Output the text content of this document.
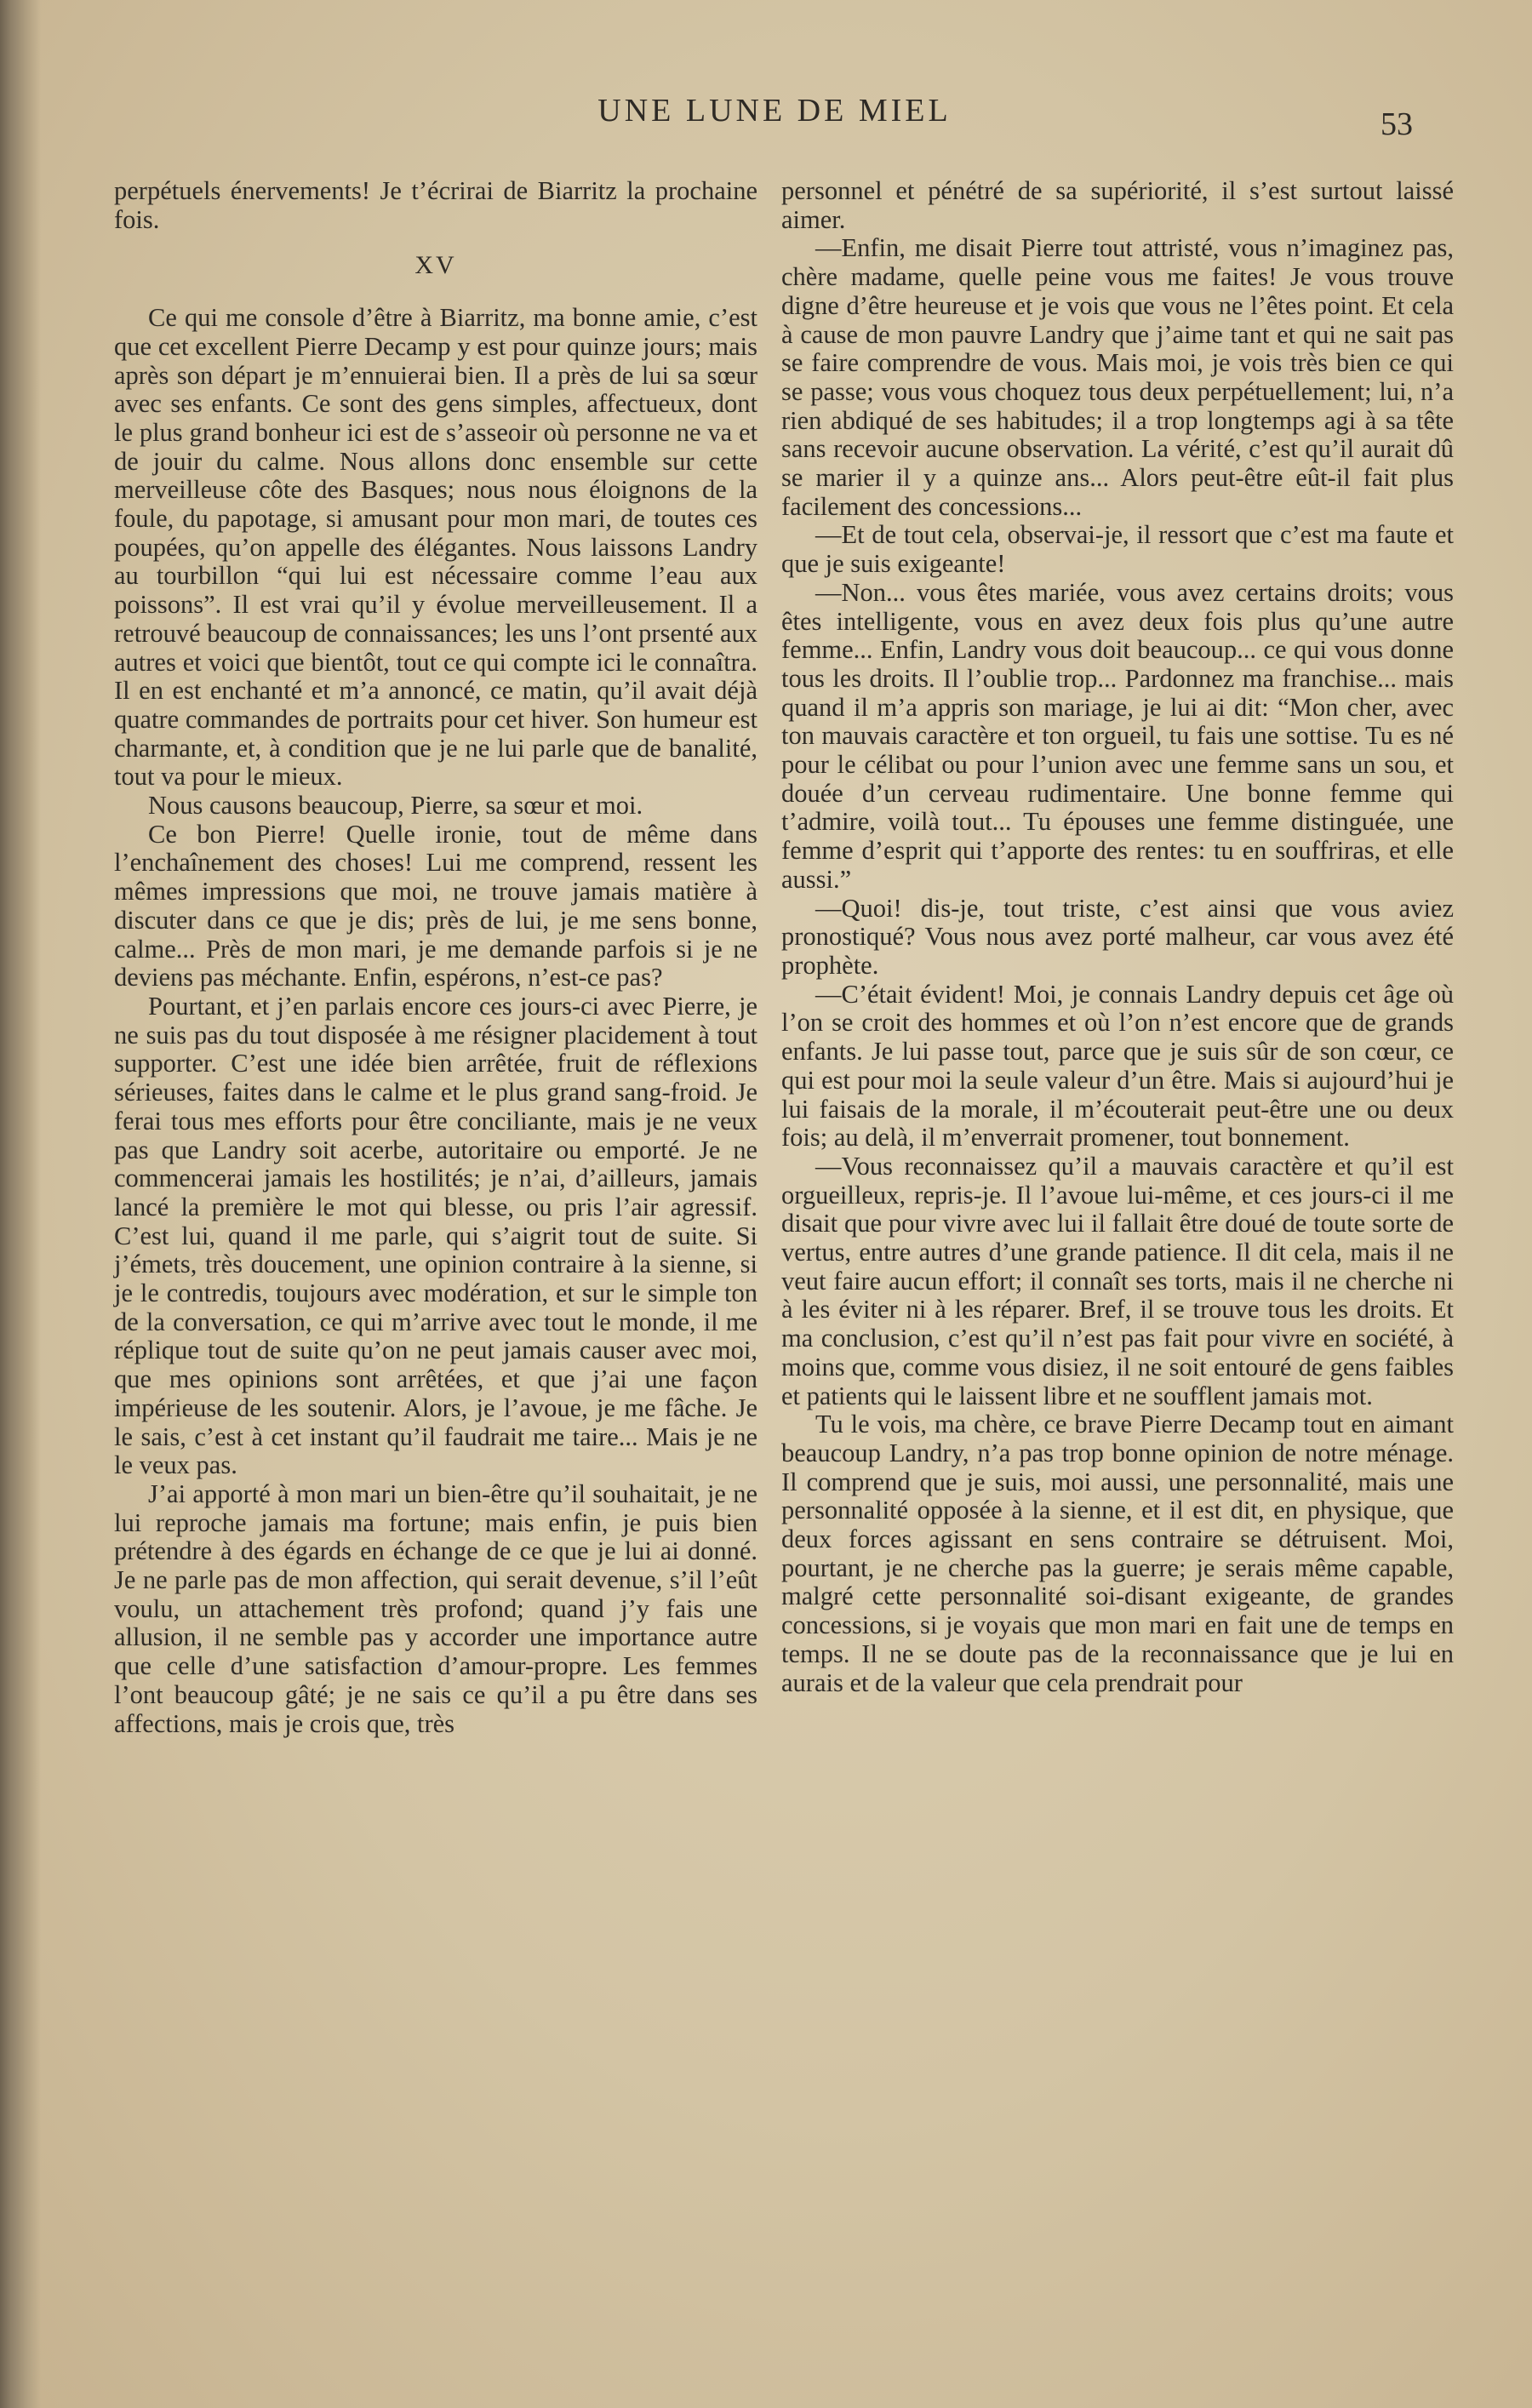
UNE LUNE DE MIEL	53

perpétuels énervements! Je t’écrirai de Biarritz la prochaine fois.

XV

Ce qui me console d’être à Biarritz, ma bonne amie, c’est que cet excellent Pierre Decamp y est pour quinze jours; mais après son départ je m’ennuierai bien. Il a près de lui sa sœur avec ses enfants. Ce sont des gens simples, affectueux, dont le plus grand bonheur ici est de s’asseoir où personne ne va et de jouir du calme. Nous allons donc ensemble sur cette merveilleuse côte des Basques; nous nous éloignons de la foule, du papotage, si amusant pour mon mari, de toutes ces poupées, qu’on appelle des élégantes. Nous laissons Landry au tourbillon “qui lui est nécessaire comme l’eau aux poissons”. Il est vrai qu’il y évolue merveilleusement. Il a retrouvé beaucoup de connaissances; les uns l’ont prsenté aux autres et voici que bientôt, tout ce qui compte ici le connaîtra. Il en est enchanté et m’a annoncé, ce matin, qu’il avait déjà quatre commandes de portraits pour cet hiver. Son humeur est charmante, et, à condition que je ne lui parle que de banalité, tout va pour le mieux.

Nous causons beaucoup, Pierre, sa sœur et moi.

Ce bon Pierre! Quelle ironie, tout de même dans l’enchaînement des choses! Lui me comprend, ressent les mêmes impressions que moi, ne trouve jamais matière à discuter dans ce que je dis; près de lui, je me sens bonne, calme... Près de mon mari, je me demande parfois si je ne deviens pas méchante. Enfin, espérons, n’est-ce pas?

Pourtant, et j’en parlais encore ces jours-ci avec Pierre, je ne suis pas du tout disposée à me résigner placidement à tout supporter. C’est une idée bien arrêtée, fruit de réflexions sérieuses, faites dans le calme et le plus grand sang-froid. Je ferai tous mes efforts pour être conciliante, mais je ne veux pas que Landry soit acerbe, autoritaire ou emporté. Je ne commencerai jamais les hostilités; je n’ai, d’ailleurs, jamais lancé la première le mot qui blesse, ou pris l’air agressif. C’est lui, quand il me parle, qui s’aigrit tout de suite. Si j’émets, très doucement, une opinion contraire à la sienne, si je le contredis, toujours avec modération, et sur le simple ton de la conversation, ce qui m’arrive avec tout le monde, il me réplique tout de suite qu’on ne peut jamais causer avec moi, que mes opinions sont arrêtées, et que j’ai une façon impérieuse de les soutenir. Alors, je l’avoue, je me fâche. Je le sais, c’est à cet instant qu’il faudrait me taire... Mais je ne le veux pas.

J’ai apporté à mon mari un bien-être qu’il souhaitait, je ne lui reproche jamais ma fortune; mais enfin, je puis bien prétendre à des égards en échange de ce que je lui ai donné. Je ne parle pas de mon affection, qui serait devenue, s’il l’eût voulu, un attachement très profond; quand j’y fais une allusion, il ne semble pas y accorder une importance autre que celle d’une satisfaction d’amour-propre. Les femmes l’ont beaucoup gâté; je ne sais ce qu’il a pu être dans ses affections, mais je crois que, très

personnel et pénétré de sa supériorité, il s’est surtout laissé aimer.

—Enfin, me disait Pierre tout attristé, vous n’imaginez pas, chère madame, quelle peine vous me faites! Je vous trouve digne d’être heureuse et je vois que vous ne l’êtes point. Et cela à cause de mon pauvre Landry que j’aime tant et qui ne sait pas se faire comprendre de vous. Mais moi, je vois très bien ce qui se passe; vous vous choquez tous deux perpétuellement; lui, n’a rien abdiqué de ses habitudes; il a trop longtemps agi à sa tête sans recevoir aucune observation. La vérité, c’est qu’il aurait dû se marier il y a quinze ans... Alors peut-être eût-il fait plus facilement des concessions...

—Et de tout cela, observai-je, il ressort que c’est ma faute et que je suis exigeante!

—Non... vous êtes mariée, vous avez certains droits; vous êtes intelligente, vous en avez deux fois plus qu’une autre femme... Enfin, Landry vous doit beaucoup... ce qui vous donne tous les droits. Il l’oublie trop... Pardonnez ma franchise... mais quand il m’a appris son mariage, je lui ai dit: “Mon cher, avec ton mauvais caractère et ton orgueil, tu fais une sottise. Tu es né pour le célibat ou pour l’union avec une femme sans un sou, et douée d’un cerveau rudimentaire. Une bonne femme qui t’admire, voilà tout... Tu épouses une femme distinguée, une femme d’esprit qui t’apporte des rentes: tu en souffriras, et elle aussi.”

—Quoi! dis-je, tout triste, c’est ainsi que vous aviez pronostiqué? Vous nous avez porté malheur, car vous avez été prophète.

—C’était évident! Moi, je connais Landry depuis cet âge où l’on se croit des hommes et où l’on n’est encore que de grands enfants. Je lui passe tout, parce que je suis sûr de son cœur, ce qui est pour moi la seule valeur d’un être. Mais si aujourd’hui je lui faisais de la morale, il m’écouterait peut-être une ou deux fois; au delà, il m’enverrait promener, tout bonnement.

—Vous reconnaissez qu’il a mauvais caractère et qu’il est orgueilleux, repris-je. Il l’avoue lui-même, et ces jours-ci il me disait que pour vivre avec lui il fallait être doué de toute sorte de vertus, entre autres d’une grande patience. Il dit cela, mais il ne veut faire aucun effort; il connaît ses torts, mais il ne cherche ni à les éviter ni à les réparer. Bref, il se trouve tous les droits. Et ma conclusion, c’est qu’il n’est pas fait pour vivre en société, à moins que, comme vous disiez, il ne soit entouré de gens faibles et patients qui le laissent libre et ne soufflent jamais mot.

Tu le vois, ma chère, ce brave Pierre Decamp tout en aimant beaucoup Landry, n’a pas trop bonne opinion de notre ménage. Il comprend que je suis, moi aussi, une personnalité, mais une personnalité opposée à la sienne, et il est dit, en physique, que deux forces agissant en sens contraire se détruisent. Moi, pourtant, je ne cherche pas la guerre; je serais même capable, malgré cette personnalité soi-disant exigeante, de grandes concessions, si je voyais que mon mari en fait une de temps en temps. Il ne se doute pas de la reconnaissance que je lui en aurais et de la valeur que cela prendrait pour
